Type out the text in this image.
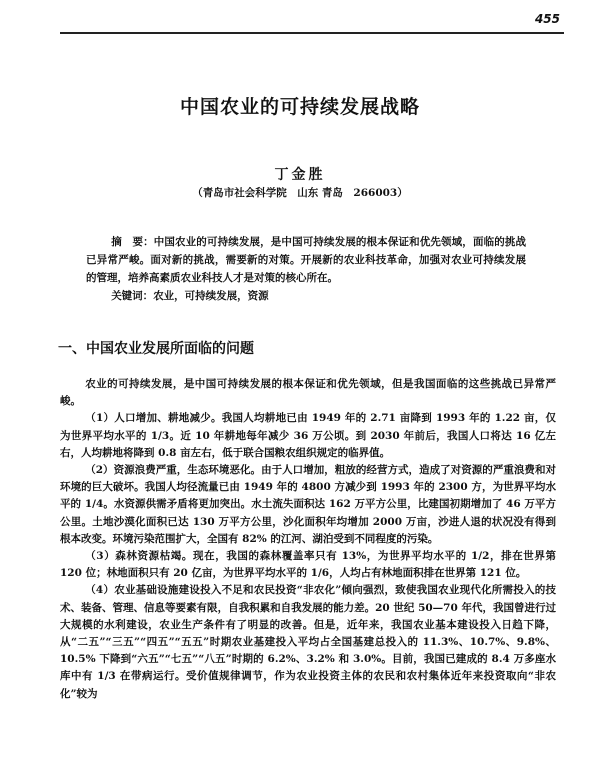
455
中国农业的可持续发展战略
丁金胜
（青岛市社会科学院　山东 青岛　266003）

摘　要：中国农业的可持续发展，是中国可持续发展的根本保证和优先领域，面临的挑战已异常严峻。面对新的挑战，需要新的对策。开展新的农业科技革命，加强对农业可持续发展的管理，培养高素质农业科技人才是对策的核心所在。

关键词：农业，可持续发展，资源

一、中国农业发展所面临的问题

农业的可持续发展，是中国可持续发展的根本保证和优先领域，但是我国面临的这些挑战已异常严峻。

（1）人口增加、耕地减少。我国人均耕地已由 1949 年的 2.71 亩降到 1993 年的 1.22 亩，仅为世界平均水平的 1/3。近 10 年耕地每年减少 36 万公顷。到 2030 年前后，我国人口将达 16 亿左右，人均耕地将降到 0.8 亩左右，低于联合国粮农组织规定的临界值。

（2）资源浪费严重，生态环境恶化。由于人口增加，粗放的经营方式，造成了对资源的严重浪费和对环境的巨大破坏。我国人均径流量已由 1949 年的 4800 方减少到 1993 年的 2300 方，为世界平均水平的 1/4。水资源供需矛盾将更加突出。水土流失面积达 162 万平方公里，比建国初期增加了 46 万平方公里。土地沙漠化面积已达 130 万平方公里，沙化面积年均增加 2000 万亩，沙进人退的状况没有得到根本改变。环境污染范围扩大，全国有 82% 的江河、湖泊受到不同程度的污染。

（3）森林资源枯竭。现在，我国的森林覆盖率只有 13%，为世界平均水平的 1/2，排在世界第 120 位；林地面积只有 20 亿亩，为世界平均水平的 1/6，人均占有林地面积排在世界第 121 位。

（4）农业基础设施建设投入不足和农民投资“非农化”倾向强烈，致使我国农业现代化所需投入的技术、装备、管理、信息等要素有限，自我积累和自我发展的能力差。20 世纪 50—70 年代，我国曾进行过大规模的水利建设，农业生产条件有了明显的改善。但是，近年来，我国农业基本建设投入日趋下降，从“二五”“三五”“四五”“五五”时期农业基建投入平均占全国基建总投入的 11.3%、10.7%、9.8%、10.5% 下降到“六五”“七五”“八五”时期的 6.2%、3.2% 和 3.0%。目前，我国已建成的 8.4 万多座水库中有 1/3 在带病运行。受价值规律调节，作为农业投资主体的农民和农村集体近年来投资取向“非农化”较为
